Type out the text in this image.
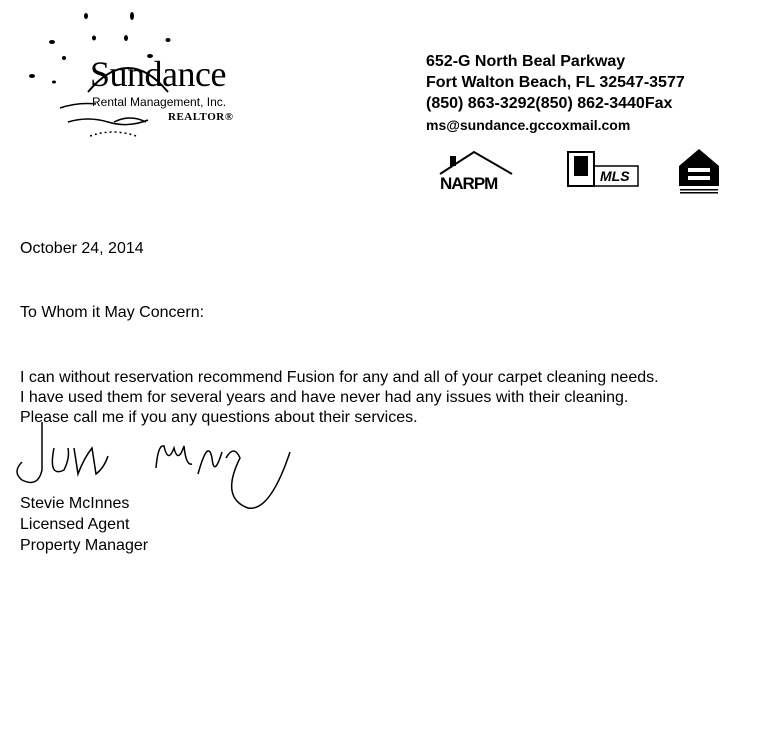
Sundance
Rental Management, Inc.
REALTOR®
652-G North Beal Parkway
Fort Walton Beach, FL 32547-3577
(850) 863-3292(850) 862-3440Fax
ms@sundance.gccoxmail.com
NARPM	MLS
October 24, 2014
To Whom it May Concern:
I can without reservation recommend Fusion for any and all of your carpet cleaning needs.
I have used them for several years and have never had any issues with their cleaning.
Please call me if you any questions about their services.
Stevie McInnes
Licensed Agent
Property Manager
